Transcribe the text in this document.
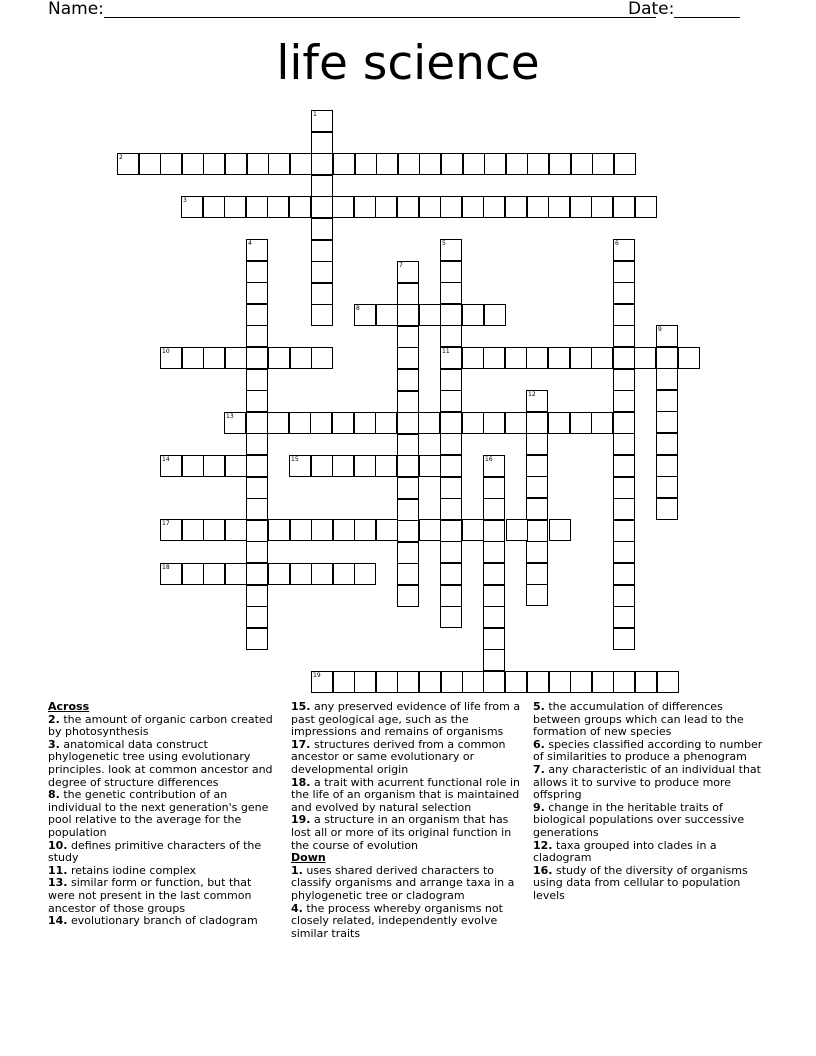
Name:	Date:
life science
1
2
3
4	5
11
6
7
8
9
10
12
13
14	15	16
17
18
19
Across
2. the amount of organic carbon created by photosynthesis
3. anatomical data construct phylogenetic tree using evolutionary principles. look at common ancestor and degree of structure differences
8. the genetic contribution of an individual to the next generation's gene pool relative to the average for the population
10. defines primitive characters of the study
11. retains iodine complex
13. similar form or function, but that were not present in the last common ancestor of those groups
14. evolutionary branch of cladogram
15. any preserved evidence of life from a past geological age, such as the impressions and remains of organisms
17. structures derived from a common ancestor or same evolutionary or developmental origin
18. a trait with acurrent functional role in the life of an organism that is maintained and evolved by natural selection
19. a structure in an organism that has lost all or more of its original function in the course of evolution
Down
1. uses shared derived characters to classify organisms and arrange taxa in a phylogenetic tree or cladogram
4. the process whereby organisms not closely related, independently evolve similar traits
5. the accumulation of differences between groups which can lead to the formation of new species
6. species classified according to number of similarities to produce a phenogram
7. any characteristic of an individual that allows it to survive to produce more offspring
9. change in the heritable traits of biological populations over successive generations
12. taxa grouped into clades in a cladogram
16. study of the diversity of organisms using data from cellular to population levels
